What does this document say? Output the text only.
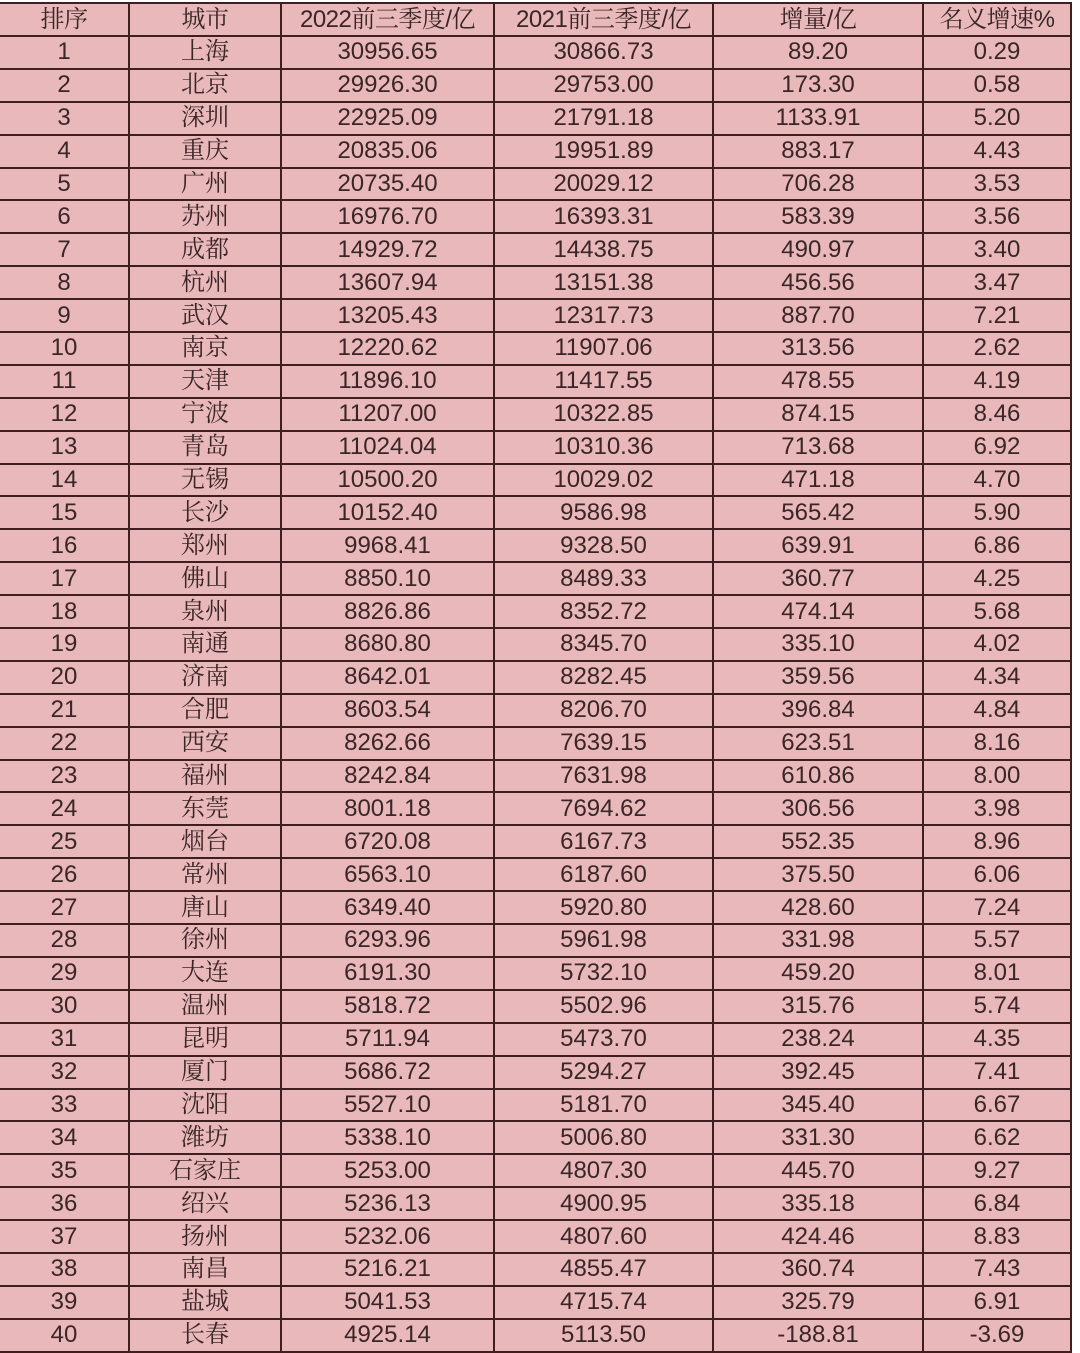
排序	城市	2022前三季度/亿	2021前三季度/亿	增量/亿	名义增速%
1	上海	30956.65	30866.73	89.20	0.29
2	北京	29926.30	29753.00	173.30	0.58
3	深圳	22925.09	21791.18	1133.91	5.20
4	重庆	20835.06	19951.89	883.17	4.43
5	广州	20735.40	20029.12	706.28	3.53
6	苏州	16976.70	16393.31	583.39	3.56
7	成都	14929.72	14438.75	490.97	3.40
8	杭州	13607.94	13151.38	456.56	3.47
9	武汉	13205.43	12317.73	887.70	7.21
10	南京	12220.62	11907.06	313.56	2.62
11	天津	11896.10	11417.55	478.55	4.19
12	宁波	11207.00	10322.85	874.15	8.46
13	青岛	11024.04	10310.36	713.68	6.92
14	无锡	10500.20	10029.02	471.18	4.70
15	长沙	10152.40	9586.98	565.42	5.90
16	郑州	9968.41	9328.50	639.91	6.86
17	佛山	8850.10	8489.33	360.77	4.25
18	泉州	8826.86	8352.72	474.14	5.68
19	南通	8680.80	8345.70	335.10	4.02
20	济南	8642.01	8282.45	359.56	4.34
21	合肥	8603.54	8206.70	396.84	4.84
22	西安	8262.66	7639.15	623.51	8.16
23	福州	8242.84	7631.98	610.86	8.00
24	东莞	8001.18	7694.62	306.56	3.98
25	烟台	6720.08	6167.73	552.35	8.96
26	常州	6563.10	6187.60	375.50	6.06
27	唐山	6349.40	5920.80	428.60	7.24
28	徐州	6293.96	5961.98	331.98	5.57
29	大连	6191.30	5732.10	459.20	8.01
30	温州	5818.72	5502.96	315.76	5.74
31	昆明	5711.94	5473.70	238.24	4.35
32	厦门	5686.72	5294.27	392.45	7.41
33	沈阳	5527.10	5181.70	345.40	6.67
34	潍坊	5338.10	5006.80	331.30	6.62
35	石家庄	5253.00	4807.30	445.70	9.27
36	绍兴	5236.13	4900.95	335.18	6.84
37	扬州	5232.06	4807.60	424.46	8.83
38	南昌	5216.21	4855.47	360.74	7.43
39	盐城	5041.53	4715.74	325.79	6.91
40	长春	4925.14	5113.50	-188.81	-3.69
